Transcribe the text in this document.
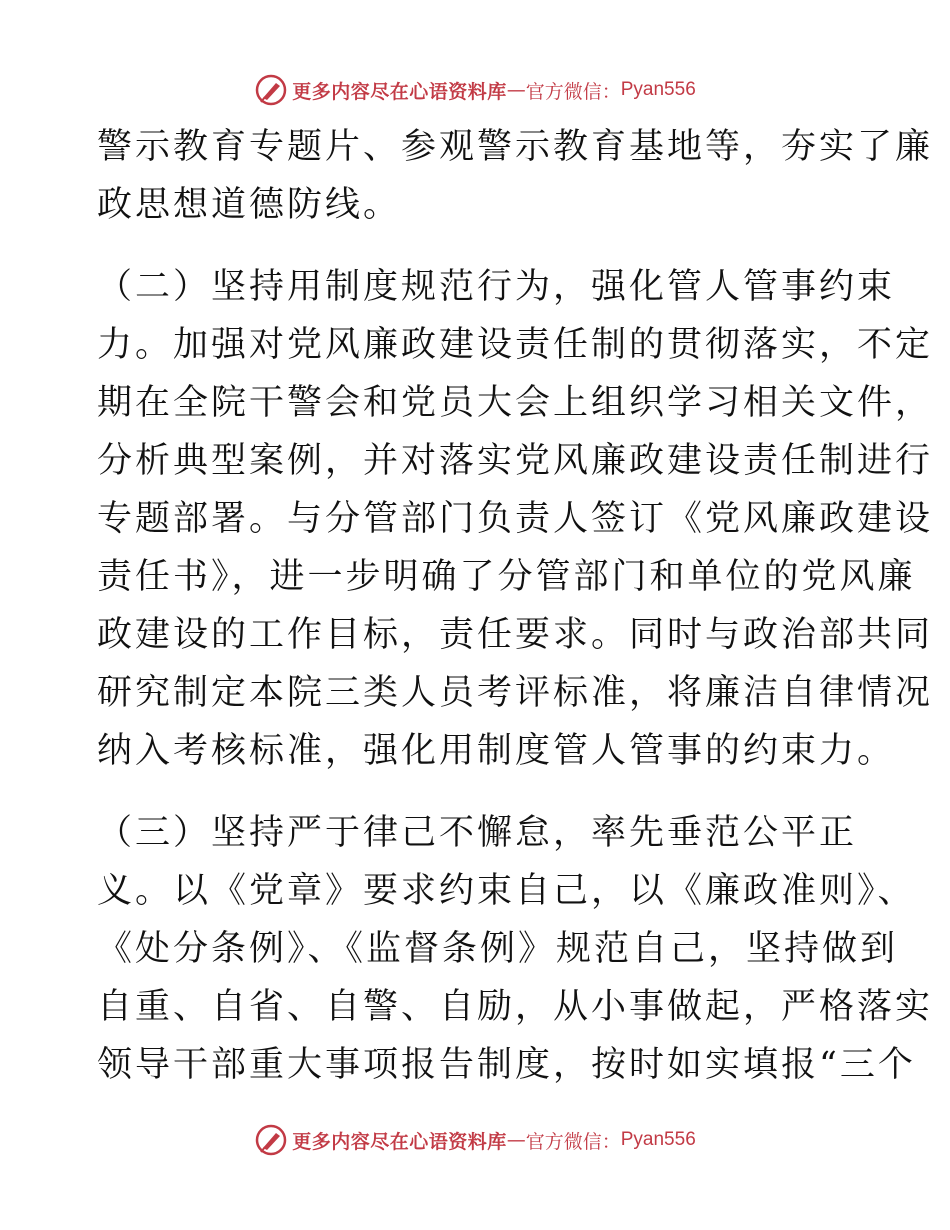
更多内容尽在心语资料库 — 官方微信： Pyan556
警示教育专题片、参观警示教育基地等，夯实了廉
政思想道德防线。
（二）坚持用制度规范行为，强化管人管事约束
力。加强对党风廉政建设责任制的贯彻落实，不定
期在全院干警会和党员大会上组织学习相关文件，
分析典型案例，并对落实党风廉政建设责任制进行
专题部署。与分管部门负责人签订《党风廉政建设
责任书》，进一步明确了分管部门和单位的党风廉
政建设的工作目标，责任要求。同时与政治部共同
研究制定本院三类人员考评标准，将廉洁自律情况
纳入考核标准，强化用制度管人管事的约束力。
（三）坚持严于律己不懈怠，率先垂范公平正
义。以《党章》要求约束自己，以《廉政准则》、
《处分条例》、《监督条例》规范自己，坚持做到
自重、自省、自警、自励，从小事做起，严格落实
领导干部重大事项报告制度，按时如实填报“三个
更多内容尽在心语资料库 — 官方微信： Pyan556
